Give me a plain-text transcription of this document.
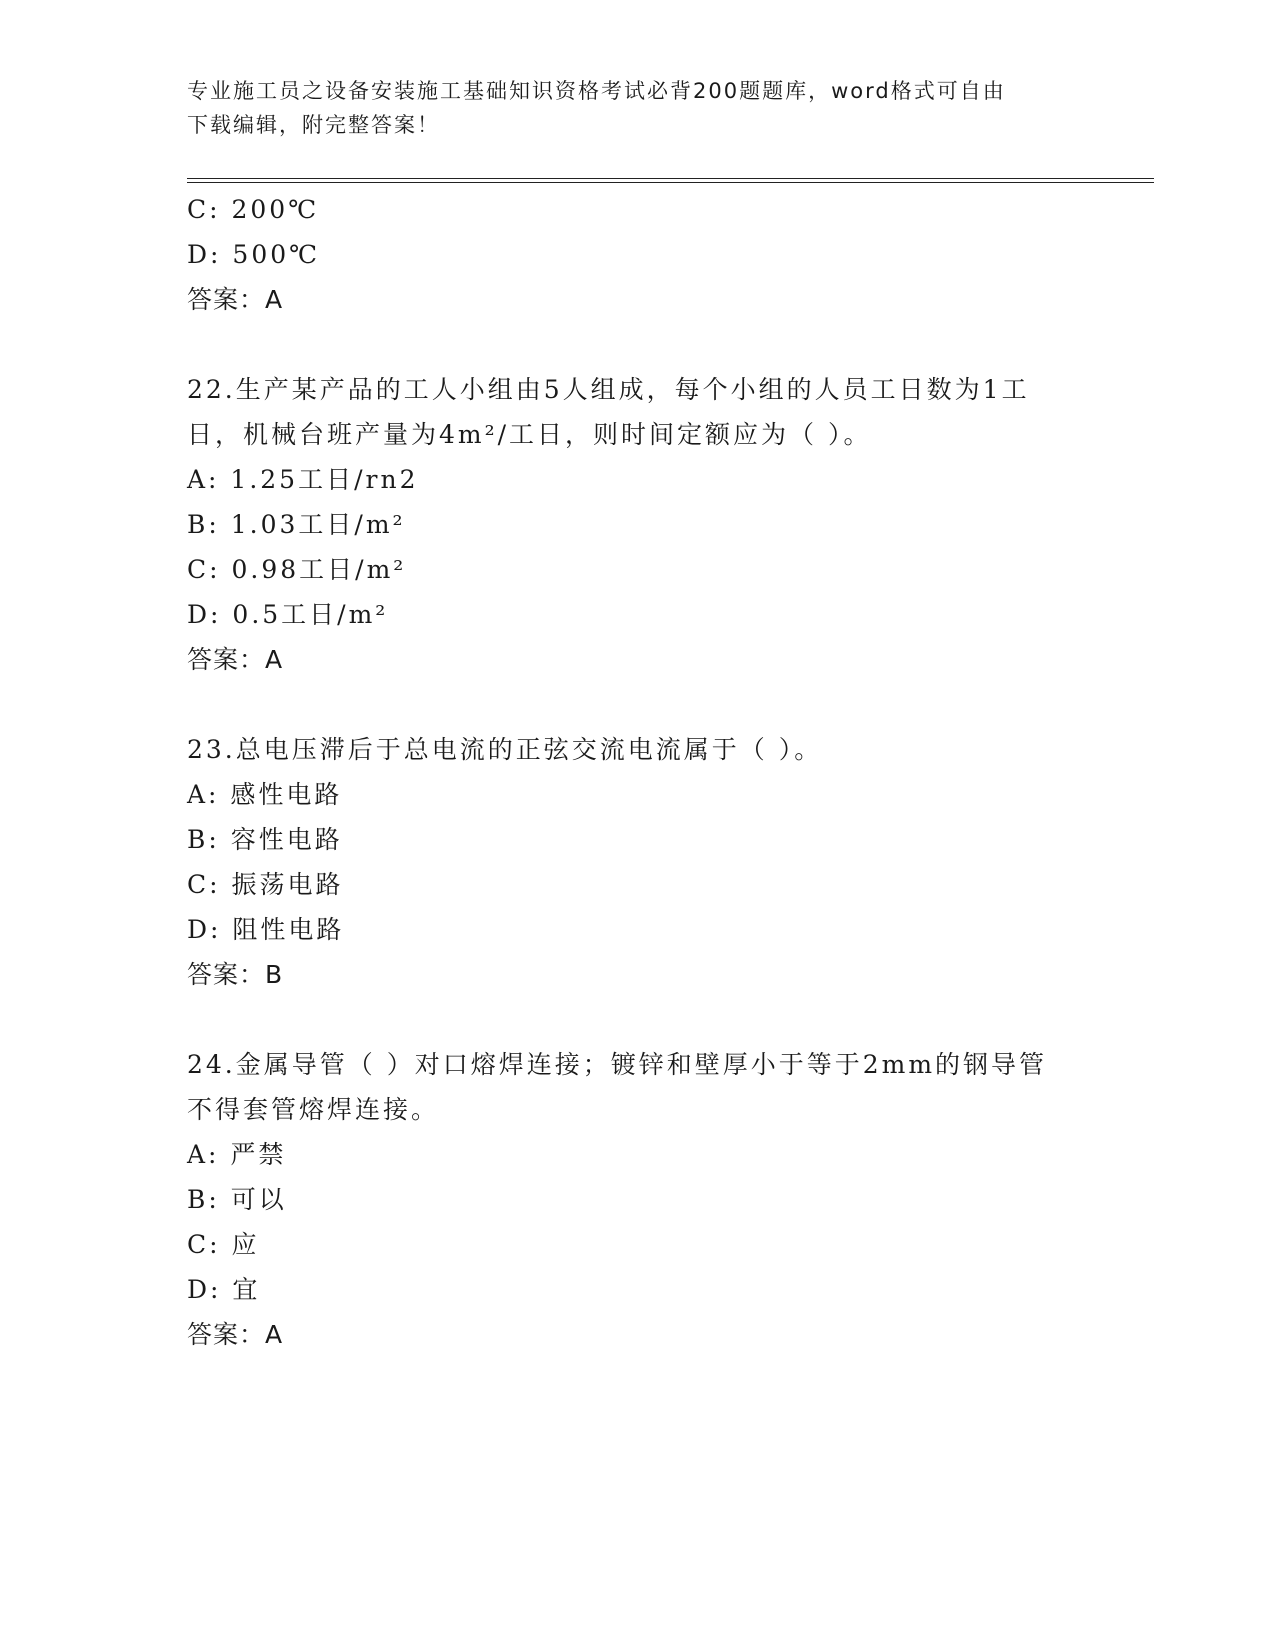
专业施工员之设备安装施工基础知识资格考试必背200题题库，word格式可自由
下载编辑，附完整答案！
C: 200℃
D: 500℃
答案：A
22.生产某产品的工人小组由5人组成，每个小组的人员工日数为1工
日，机械台班产量为4m²/工日，则时间定额应为（ ）。
A: 1.25工日/rn2
B: 1.03工日/m²
C: 0.98工日/m²
D: 0.5工日/m²
答案：A
23.总电压滞后于总电流的正弦交流电流属于（ ）。
A: 感性电路
B: 容性电路
C: 振荡电路
D: 阻性电路
答案：B
24.金属导管（ ）对口熔焊连接；镀锌和壁厚小于等于2mm的钢导管
不得套管熔焊连接。
A: 严禁
B: 可以
C: 应
D: 宜
答案：A
